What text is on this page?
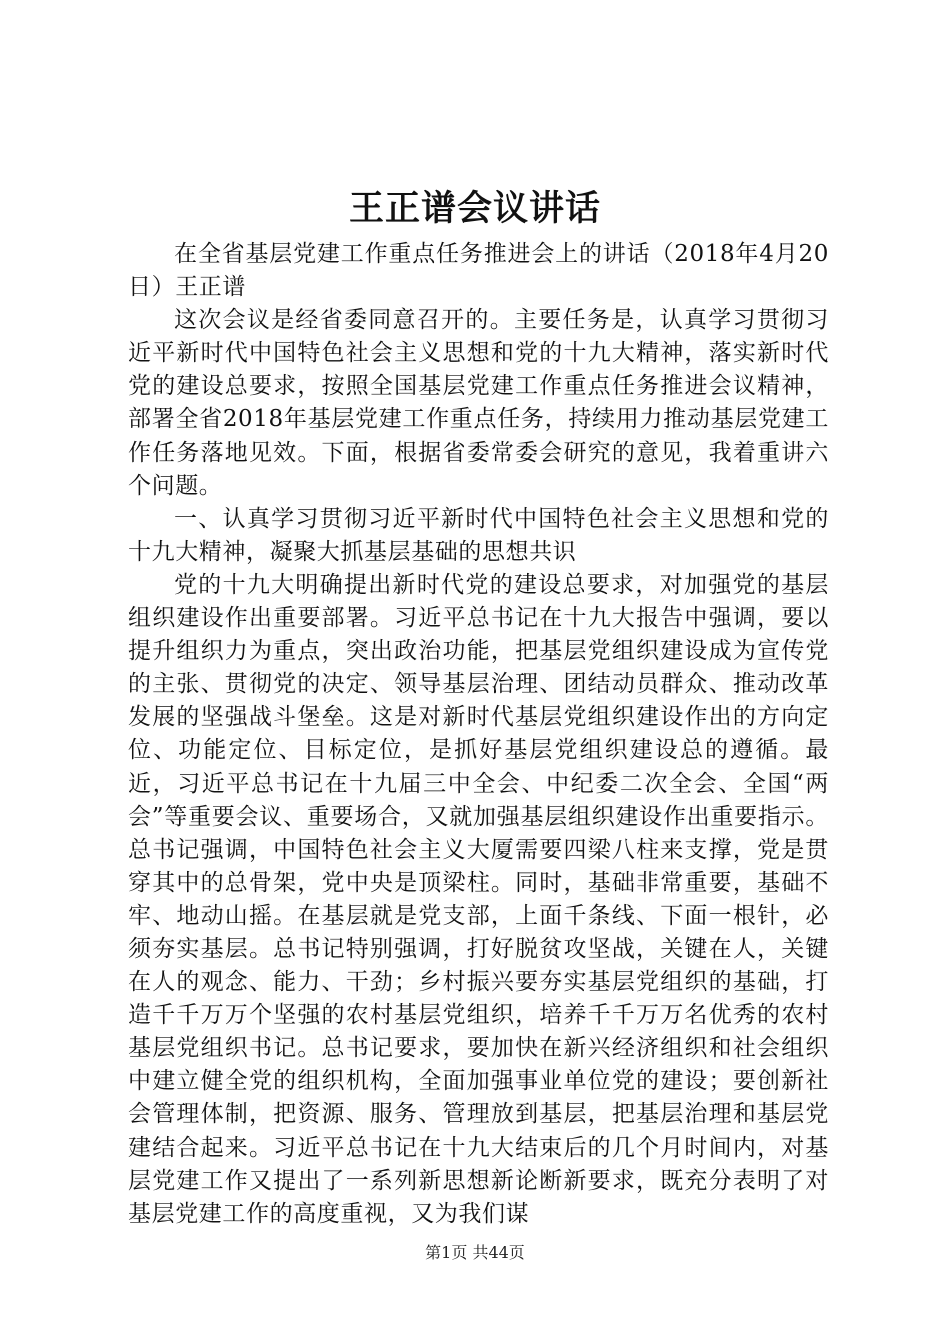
王正谱会议讲话

在全省基层党建工作重点任务推进会上的讲话（2018年4月20日）王正谱

这次会议是经省委同意召开的。主要任务是，认真学习贯彻习近平新时代中国特色社会主义思想和党的十九大精神，落实新时代党的建设总要求，按照全国基层党建工作重点任务推进会议精神，部署全省2018年基层党建工作重点任务，持续用力推动基层党建工作任务落地见效。下面，根据省委常委会研究的意见，我着重讲六个问题。

一、认真学习贯彻习近平新时代中国特色社会主义思想和党的十九大精神，凝聚大抓基层基础的思想共识

党的十九大明确提出新时代党的建设总要求，对加强党的基层组织建设作出重要部署。习近平总书记在十九大报告中强调，要以提升组织力为重点，突出政治功能，把基层党组织建设成为宣传党的主张、贯彻党的决定、领导基层治理、团结动员群众、推动改革发展的坚强战斗堡垒。这是对新时代基层党组织建设作出的方向定位、功能定位、目标定位，是抓好基层党组织建设总的遵循。最近，习近平总书记在十九届三中全会、中纪委二次全会、全国“两会”等重要会议、重要场合，又就加强基层组织建设作出重要指示。总书记强调，中国特色社会主义大厦需要四梁八柱来支撑，党是贯穿其中的总骨架，党中央是顶梁柱。同时，基础非常重要，基础不牢、地动山摇。在基层就是党支部，上面千条线、下面一根针，必须夯实基层。总书记特别强调，打好脱贫攻坚战，关键在人，关键在人的观念、能力、干劲；乡村振兴要夯实基层党组织的基础，打造千千万万个坚强的农村基层党组织，培养千千万万名优秀的农村基层党组织书记。总书记要求，要加快在新兴经济组织和社会组织中建立健全党的组织机构，全面加强事业单位党的建设；要创新社会管理体制，把资源、服务、管理放到基层，把基层治理和基层党建结合起来。习近平总书记在十九大结束后的几个月时间内，对基层党建工作又提出了一系列新思想新论断新要求，既充分表明了对基层党建工作的高度重视，又为我们谋

第1页 共44页
